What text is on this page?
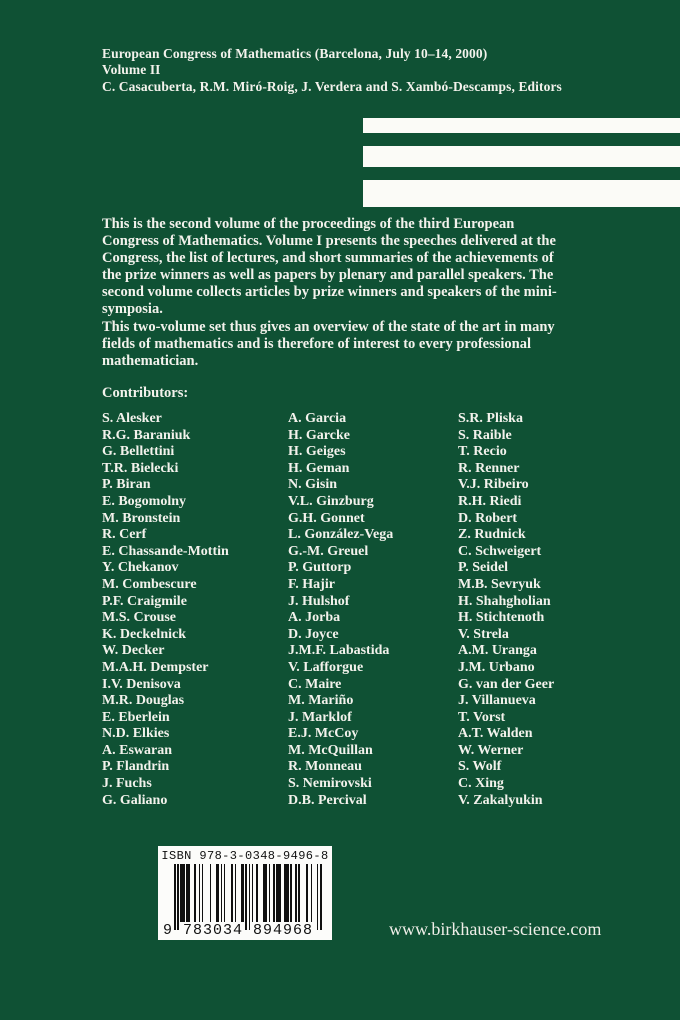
European Congress of Mathematics (Barcelona, July 10–14, 2000)
Volume II
C. Casacuberta, R.M. Miró-Roig, J. Verdera and S. Xambó-Descamps, Editors

This is the second volume of the proceedings of the third European Congress of Mathematics. Volume I presents the speeches delivered at the Congress, the list of lectures, and short summaries of the achievements of the prize winners as well as papers by plenary and parallel speakers. The second volume collects articles by prize winners and speakers of the mini-symposia.

This two-volume set thus gives an overview of the state of the art in many fields of mathematics and is therefore of interest to every professional mathematician.

Contributors:
S. Alesker
R.G. Baraniuk
G. Bellettini
T.R. Bielecki
P. Biran
E. Bogomolny
M. Bronstein
R. Cerf
E. Chassande-Mottin
Y. Chekanov
M. Combescure
P.F. Craigmile
M.S. Crouse
K. Deckelnick
W. Decker
M.A.H. Dempster
I.V. Denisova
M.R. Douglas
E. Eberlein
N.D. Elkies
A. Eswaran
P. Flandrin
J. Fuchs
G. Galiano
A. Garcia
H. Garcke
H. Geiges
H. Geman
N. Gisin
V.L. Ginzburg
G.H. Gonnet
L. González-Vega
G.-M. Greuel
P. Guttorp
F. Hajir
J. Hulshof
A. Jorba
D. Joyce
J.M.F. Labastida
V. Lafforgue
C. Maire
M. Mariño
J. Marklof
E.J. McCoy
M. McQuillan
R. Monneau
S. Nemirovski
D.B. Percival
S.R. Pliska
S. Raible
T. Recio
R. Renner
V.J. Ribeiro
R.H. Riedi
D. Robert
Z. Rudnick
C. Schweigert
P. Seidel
M.B. Sevryuk
H. Shahgholian
H. Stichtenoth
V. Strela
A.M. Uranga
J.M. Urbano
G. van der Geer
J. Villanueva
T. Vorst
A.T. Walden
W. Werner
S. Wolf
C. Xing
V. Zakalyukin
ISBN 978-3-0348-9496-8
9 783034 894968	www.birkhauser-science.com
